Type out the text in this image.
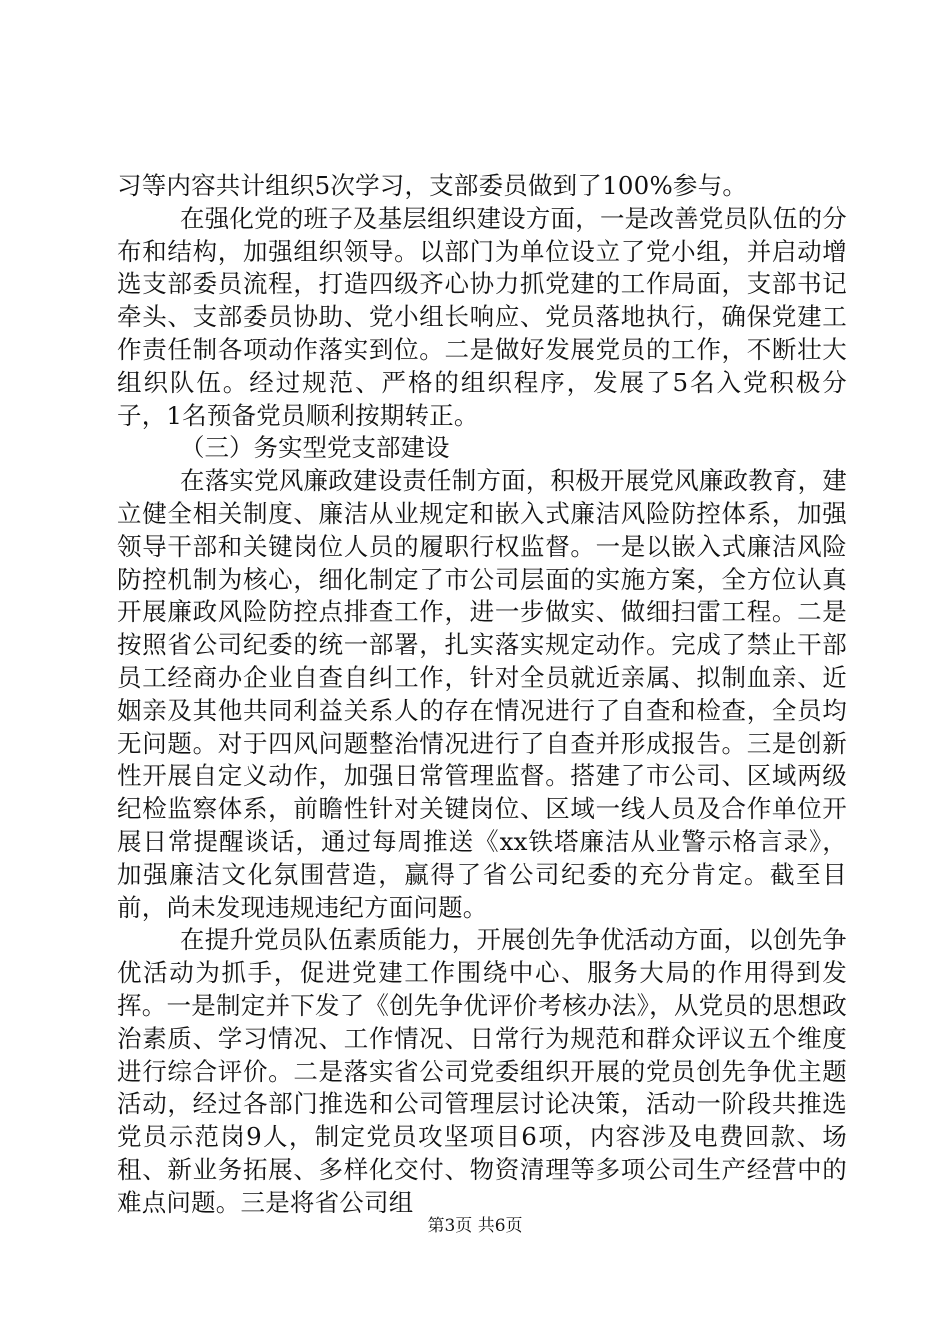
习等内容共计组织5次学习，支部委员做到了100%参与。

在强化党的班子及基层组织建设方面，一是改善党员队伍的分布和结构，加强组织领导。以部门为单位设立了党小组，并启动增选支部委员流程，打造四级齐心协力抓党建的工作局面，支部书记牵头、支部委员协助、党小组长响应、党员落地执行，确保党建工作责任制各项动作落实到位。二是做好发展党员的工作，不断壮大组织队伍。经过规范、严格的组织程序，发展了5名入党积极分子，1名预备党员顺利按期转正。

（三）务实型党支部建设

在落实党风廉政建设责任制方面，积极开展党风廉政教育，建立健全相关制度、廉洁从业规定和嵌入式廉洁风险防控体系，加强领导干部和关键岗位人员的履职行权监督。一是以嵌入式廉洁风险防控机制为核心，细化制定了市公司层面的实施方案，全方位认真开展廉政风险防控点排查工作，进一步做实、做细扫雷工程。二是按照省公司纪委的统一部署，扎实落实规定动作。完成了禁止干部员工经商办企业自查自纠工作，针对全员就近亲属、拟制血亲、近姻亲及其他共同利益关系人的存在情况进行了自查和检查，全员均无问题。对于四风问题整治情况进行了自查并形成报告。三是创新性开展自定义动作，加强日常管理监督。搭建了市公司、区域两级纪检监察体系，前瞻性针对关键岗位、区域一线人员及合作单位开展日常提醒谈话，通过每周推送《xx铁塔廉洁从业警示格言录》，加强廉洁文化氛围营造，赢得了省公司纪委的充分肯定。截至目前，尚未发现违规违纪方面问题。

在提升党员队伍素质能力，开展创先争优活动方面，以创先争优活动为抓手，促进党建工作围绕中心、服务大局的作用得到发挥。一是制定并下发了《创先争优评价考核办法》，从党员的思想政治素质、学习情况、工作情况、日常行为规范和群众评议五个维度进行综合评价。二是落实省公司党委组织开展的党员创先争优主题活动，经过各部门推选和公司管理层讨论决策，活动一阶段共推选党员示范岗9人，制定党员攻坚项目6项，内容涉及电费回款、场租、新业务拓展、多样化交付、物资清理等多项公司生产经营中的难点问题。三是将省公司组

第3页 共6页
